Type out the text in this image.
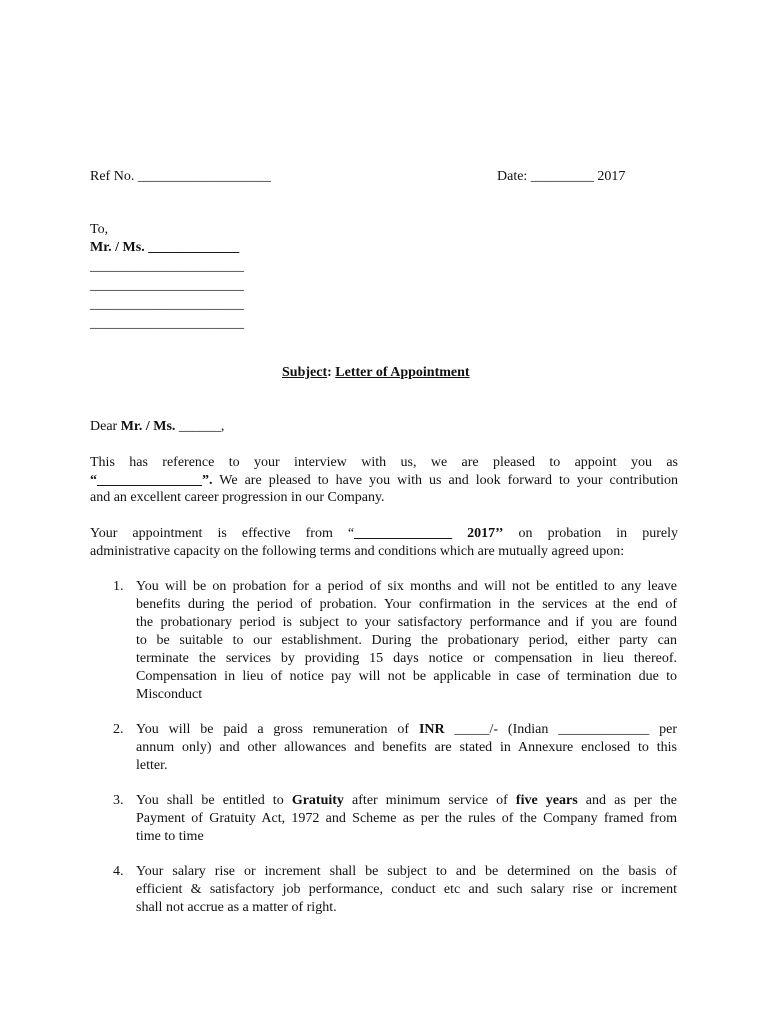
Ref No. ___________________	Date: _________ 2017
To,
Mr. / Ms. _____________
______________________
______________________
______________________
______________________
Subject: Letter of Appointment
Dear Mr. / Ms. ______,
This has reference to your interview with us, we are pleased to appoint you as
“_______________”. We are pleased to have you with us and look forward to your contribution
and an excellent career progression in our Company.
Your appointment is effective from “______________ 2017’’ on probation in purely
administrative capacity on the following terms and conditions which are mutually agreed upon:
1. You will be on probation for a period of six months and will not be entitled to any leave
benefits during the period of probation. Your confirmation in the services at the end of
the probationary period is subject to your satisfactory performance and if you are found
to be suitable to our establishment. During the probationary period, either party can
terminate the services by providing 15 days notice or compensation in lieu thereof.
Compensation in lieu of notice pay will not be applicable in case of termination due to
Misconduct
2. You will be paid a gross remuneration of INR _____/- (Indian _____________ per
annum only) and other allowances and benefits are stated in Annexure enclosed to this
letter.
3. You shall be entitled to Gratuity after minimum service of five years and as per the
Payment of Gratuity Act, 1972 and Scheme as per the rules of the Company framed from
time to time
4. Your salary rise or increment shall be subject to and be determined on the basis of
efficient & satisfactory job performance, conduct etc and such salary rise or increment
shall not accrue as a matter of right.
